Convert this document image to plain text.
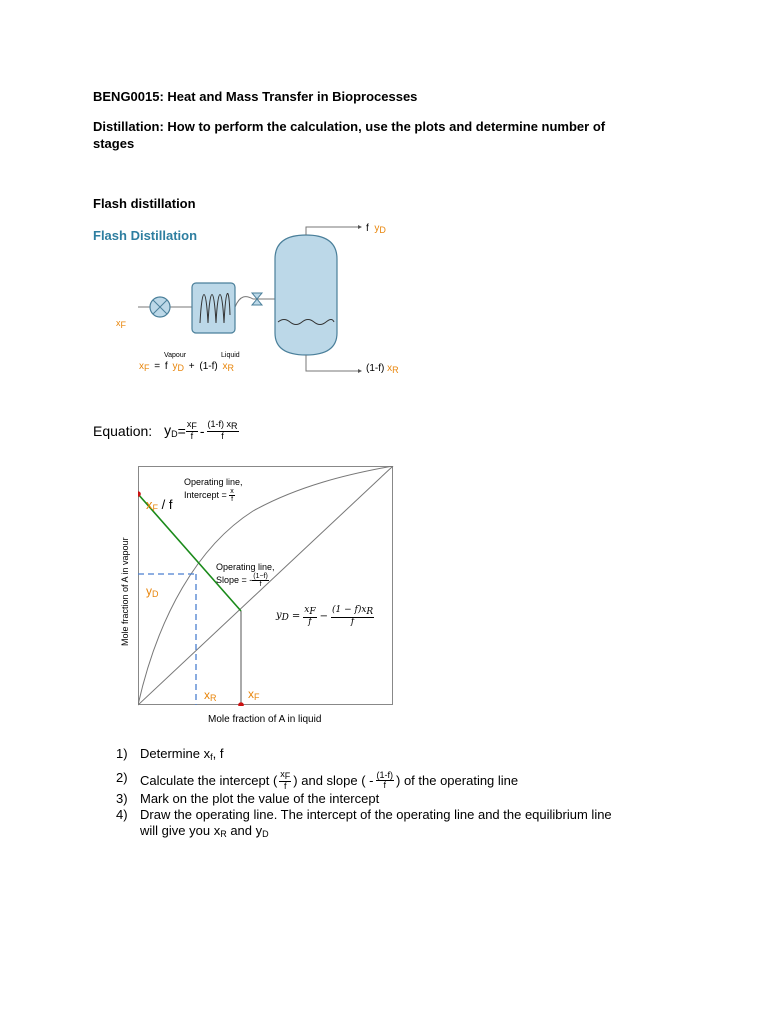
BENG0015: Heat and Mass Transfer in Bioprocesses
Distillation: How to perform the calculation, use the plots and determine number of
stages
Flash distillation
Flash Distillation
$x_F$
f $y_D$
(1-f) $x_R$
Vapour	Liquid
$x_F = f$ $y_D + (1-f)$ $x_R$
Equation: $y_D = \frac{x_F}{f} - \frac{(1-f) x_R}{f}$
Mole fraction of A in vapour
Mole fraction of A in liquid
Operating line,
Intercept = $\frac{x}{f}$
$x_F$ / f
Operating line,
Slope = - $\frac{(1-f)}{f}$
$y_D$
$y_D = \frac{x_F}{f} - \frac{(1 - f)x_R}{f}$
$x_R$	$x_F$
1) Determine $x_f$, f
2) Calculate the intercept ( $\frac{x_F}{f}$ ) and slope ( - $\frac{(1-f)}{f}$ ) of the operating line
3) Mark on the plot the value of the intercept
4) Draw the operating line. The intercept of the operating line and the equilibrium line
will give you $x_R$ and $y_D$
